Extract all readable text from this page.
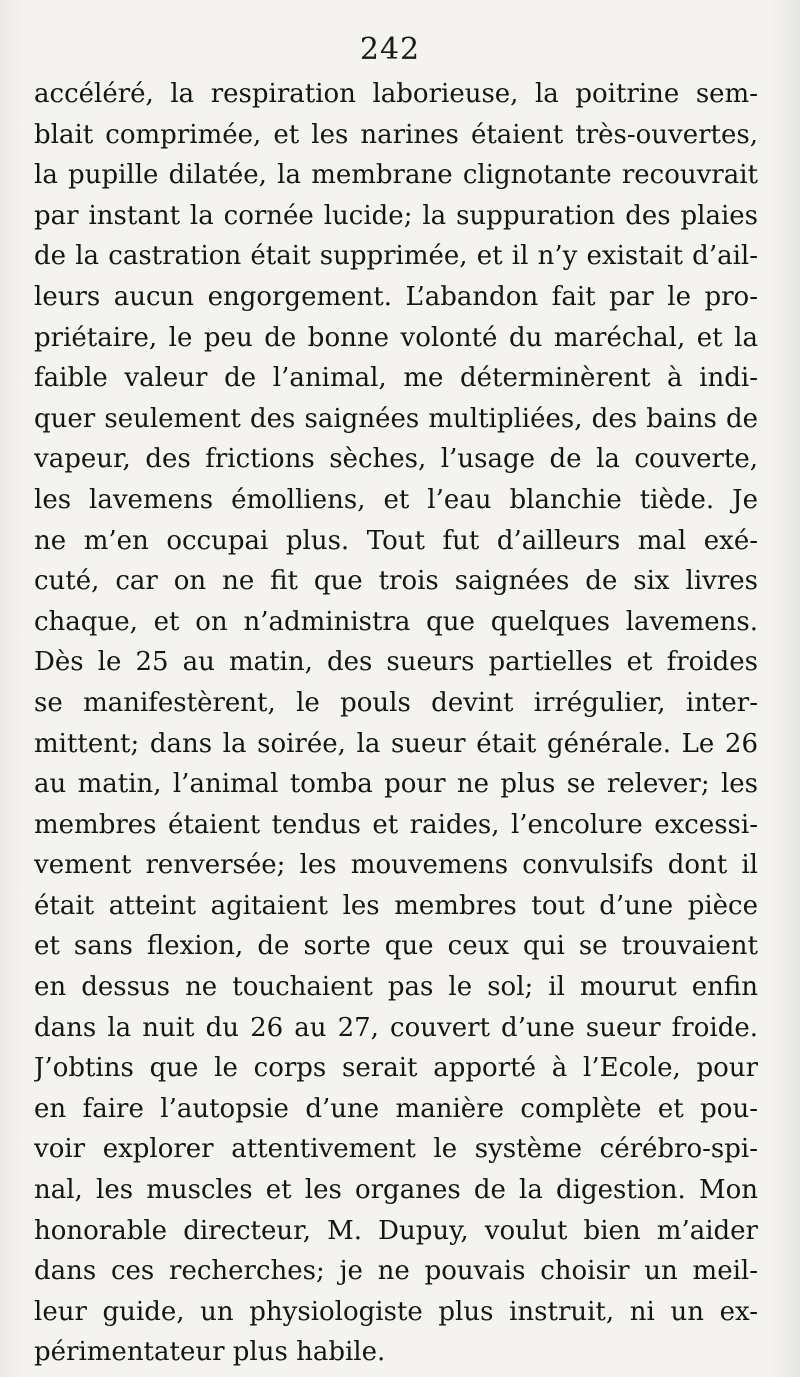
242
accéléré, la respiration laborieuse, la poitrine sem-
blait comprimée, et les narines étaient très-ouvertes,
la pupille dilatée, la membrane clignotante recouvrait
par instant la cornée lucide; la suppuration des plaies
de la castration était supprimée, et il n’y existait d’ail-
leurs aucun engorgement. L’abandon fait par le pro-
priétaire, le peu de bonne volonté du maréchal, et la
faible valeur de l’animal, me déterminèrent à indi-
quer seulement des saignées multipliées, des bains de
vapeur, des frictions sèches, l’usage de la couverte,
les lavemens émolliens, et l’eau blanchie tiède. Je
ne m’en occupai plus. Tout fut d’ailleurs mal exé-
cuté, car on ne fit que trois saignées de six livres
chaque, et on n’administra que quelques lavemens.
Dès le 25 au matin, des sueurs partielles et froides
se manifestèrent, le pouls devint irrégulier, inter-
mittent; dans la soirée, la sueur était générale. Le 26
au matin, l’animal tomba pour ne plus se relever; les
membres étaient tendus et raides, l’encolure excessi-
vement renversée; les mouvemens convulsifs dont il
était atteint agitaient les membres tout d’une pièce
et sans flexion, de sorte que ceux qui se trouvaient
en dessus ne touchaient pas le sol; il mourut enfin
dans la nuit du 26 au 27, couvert d’une sueur froide.
J’obtins que le corps serait apporté à l’Ecole, pour
en faire l’autopsie d’une manière complète et pou-
voir explorer attentivement le système cérébro-spi-
nal, les muscles et les organes de la digestion. Mon
honorable directeur, M. Dupuy, voulut bien m’aider
dans ces recherches; je ne pouvais choisir un meil-
leur guide, un physiologiste plus instruit, ni un ex-
périmentateur plus habile.
